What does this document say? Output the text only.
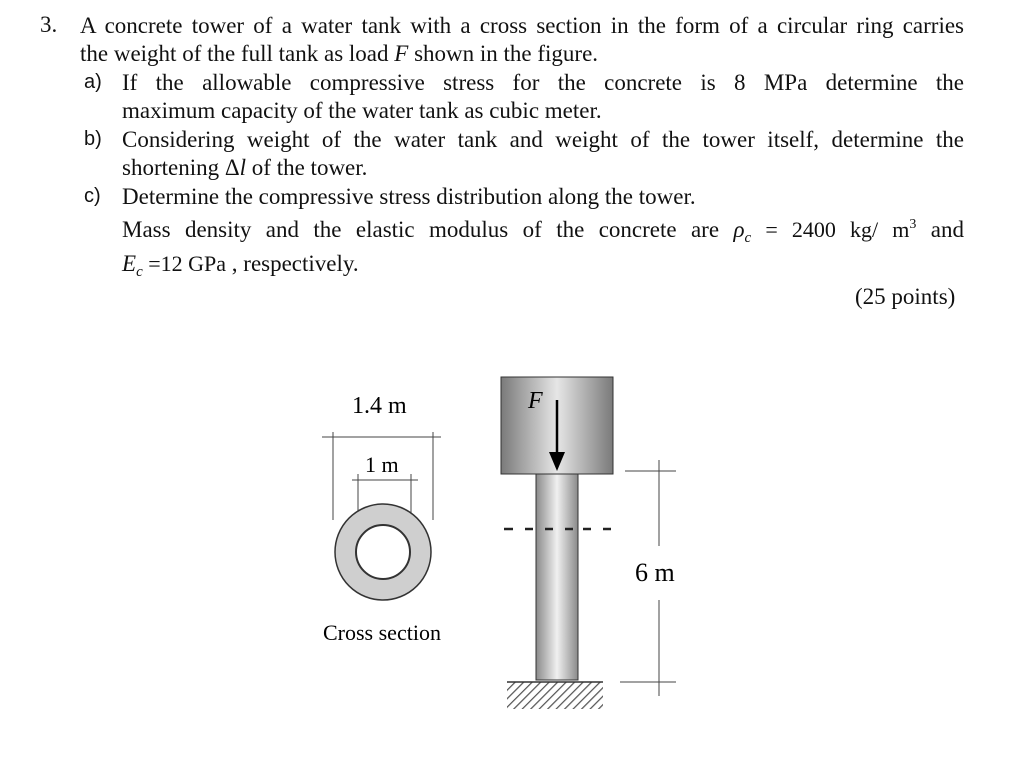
3. A concrete tower of a water tank with a cross section in the form of a circular ring carries
the weight of the full tank as load F shown in the figure.
a) If the allowable compressive stress for the concrete is 8 MPa determine the
maximum capacity of the water tank as cubic meter.
b) Considering weight of the water tank and weight of the tower itself, determine the
shortening Δl of the tower.
c) Determine the compressive stress distribution along the tower.
Mass density and the elastic modulus of the concrete are $\rho_c = 2400$ kg/ $m^3$ and
$E_c =12$ GPa , respectively.
(25 points)
1.4 m
1 m
Cross section
F
6 m
